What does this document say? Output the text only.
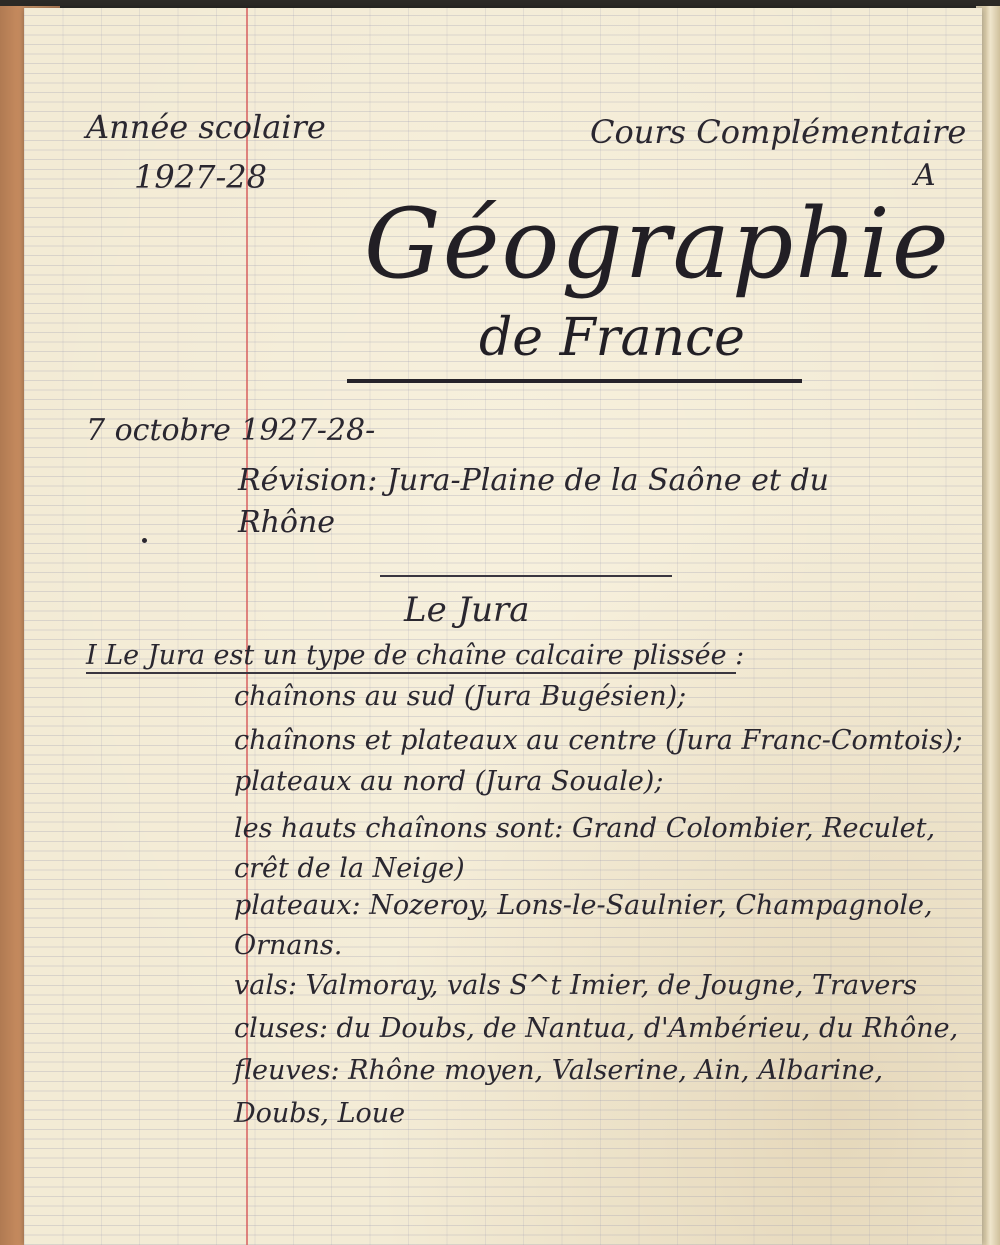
Année scolaire
1927-28
Cours Complémentaire
A
Géographie
de France
7 octobre 1927-28-
Révision: Jura-Plaine de la Saône et du
Rhône
Le Jura
I Le Jura est un type de chaîne calcaire plissée :
chaînons au sud (Jura Bugésien);
chaînons et plateaux au centre (Jura Franc-Comtois);
plateaux au nord (Jura Souale);
les hauts chaînons sont: Grand Colombier, Reculet,
crêt de la Neige)
plateaux: Nozeroy, Lons-le-Saulnier, Champagnole,
Ornans.
vals: Valmoray, vals S^t Imier, de Jougne, Travers
cluses: du Doubs, de Nantua, d'Ambérieu, du Rhône,
fleuves: Rhône moyen, Valserine, Ain, Albarine,
Doubs, Loue
